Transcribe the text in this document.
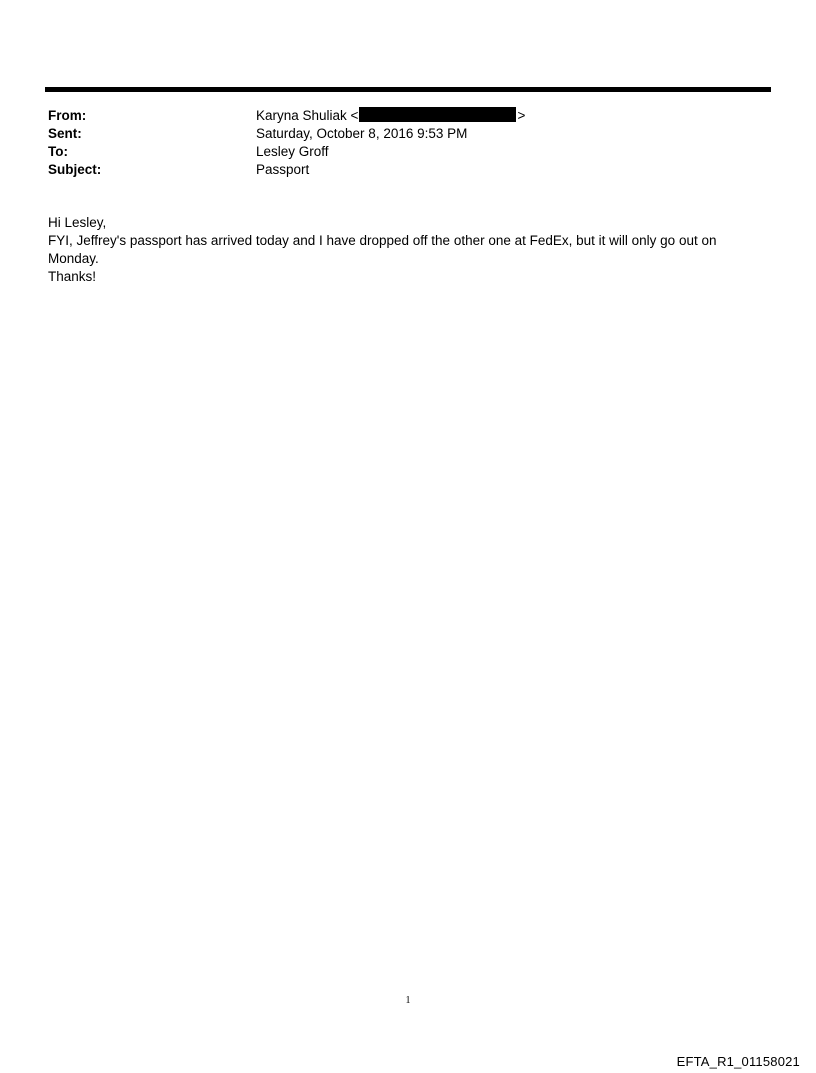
From:	Karyna Shuliak <	>
Sent:	Saturday, October 8, 2016 9:53 PM
To:	Lesley Groff
Subject:	Passport
Hi Lesley,
FYI, Jeffrey's passport has arrived today and I have dropped off the other one at FedEx, but it will only go out on
Monday.
Thanks!
1
EFTA_R1_01158021
